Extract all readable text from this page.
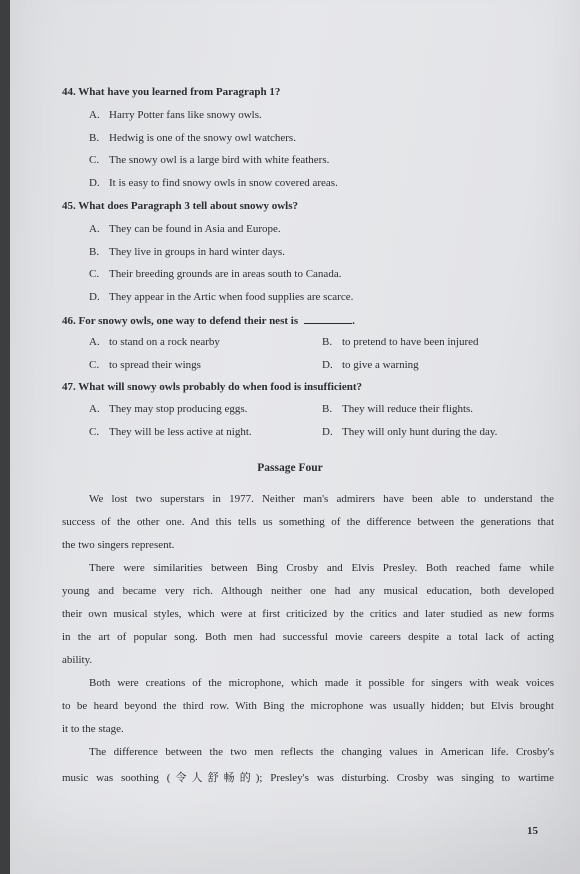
44. What have you learned from Paragraph 1?
A. Harry Potter fans like snowy owls.
B. Hedwig is one of the snowy owl watchers.
C. The snowy owl is a large bird with white feathers.
D. It is easy to find snowy owls in snow covered areas.
45. What does Paragraph 3 tell about snowy owls?
A. They can be found in Asia and Europe.
B. They live in groups in hard winter days.
C. Their breeding grounds are in areas south to Canada.
D. They appear in the Artic when food supplies are scarce.
46. For snowy owls, one way to defend their nest is	.
A. to stand on a rock nearby	B. to pretend to have been injured
C. to spread their wings	D. to give a warning
47. What will snowy owls probably do when food is insufficient?
A. They may stop producing eggs.	B. They will reduce their flights.
C. They will be less active at night.	D. They will only hunt during the day.
Passage Four
We lost two superstars in 1977. Neither man's admirers have been able to understand the
success of the other one. And this tells us something of the difference between the generations that
the two singers represent.
There were similarities between Bing Crosby and Elvis Presley. Both reached fame while
young and became very rich. Although neither one had any musical education, both developed
their own musical styles, which were at first criticized by the critics and later studied as new forms
in the art of popular song. Both men had successful movie careers despite a total lack of acting
ability.
Both were creations of the microphone, which made it possible for singers with weak voices
to be heard beyond the third row. With Bing the microphone was usually hidden; but Elvis brought
it to the stage.
The difference between the two men reflects the changing values in American life. Crosby's
music was soothing (令人舒畅的); Presley's was disturbing. Crosby was singing to wartime
15
